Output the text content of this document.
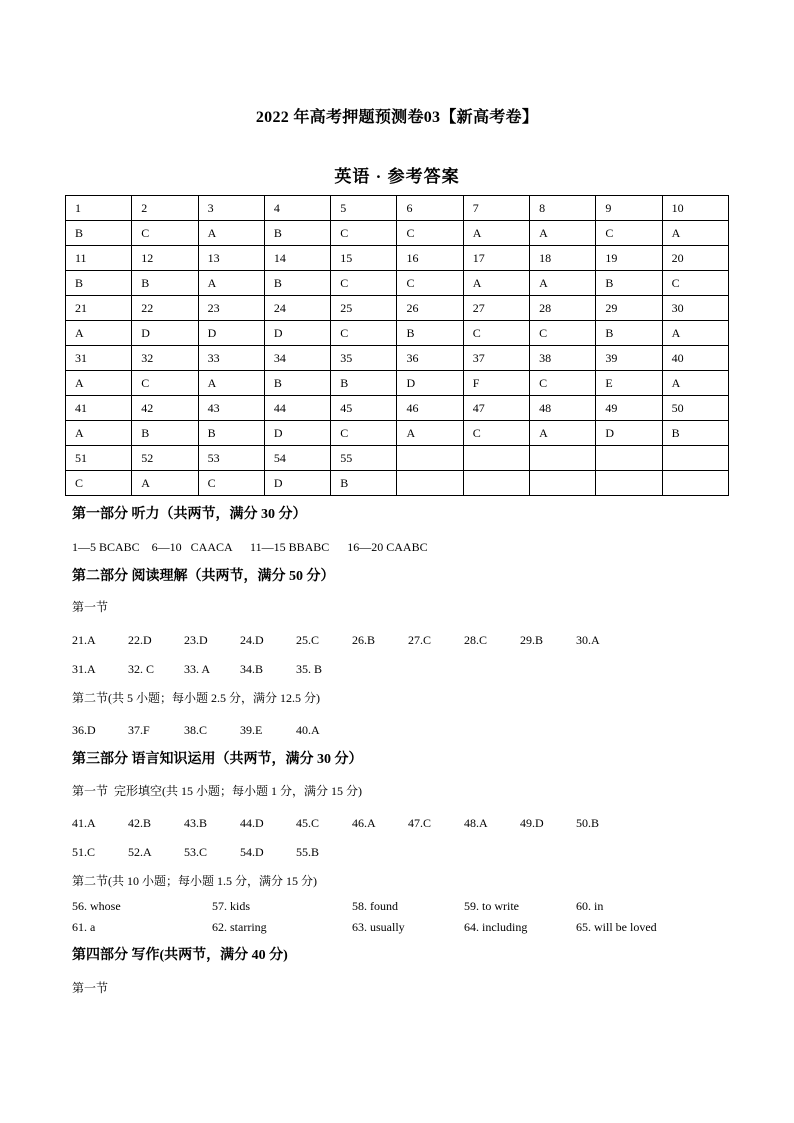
2022 年高考押题预测卷03【新高考卷】
英语 · 参考答案
1	2	3	4	5	6	7	8	9	10
B	C	A	B	C	C	A	A	C	A
11	12	13	14	15	16	17	18	19	20
B	B	A	B	C	C	A	A	B	C
21	22	23	24	25	26	27	28	29	30
A	D	D	D	C	B	C	C	B	A
31	32	33	34	35	36	37	38	39	40
A	C	A	B	B	D	F	C	E	A
41	42	43	44	45	46	47	48	49	50
A	B	B	D	C	A	C	A	D	B
51	52	53	54	55					
C	A	C	D	B					
第一部分 听力（共两节，满分 30 分）
1—5 BCABC    6—10   CAACA      11—15 BBABC      16—20 CAABC
第二部分 阅读理解（共两节，满分 50 分）
第一节
21.A	22.D	23.D	24.D	25.C	26.B	27.C	28.C	29.B	30.A
31.A	32. C	33. A	34.B	35. B
第二节(共 5 小题；每小题 2.5 分，满分 12.5 分)
36.D	37.F	38.C	39.E	40.A
第三部分 语言知识运用（共两节，满分 30 分）
第一节  完形填空(共 15 小题；每小题 1 分，满分 15 分)
41.A	42.B	43.B	44.D	45.C	46.A	47.C	48.A	49.D	50.B
51.C	52.A	53.C	54.D	55.B
第二节(共 10 小题；每小题 1.5 分，满分 15 分)
56. whose	57. kids	58. found	59. to write	60. in
61. a	62. starring	63. usually	64. including	65. will be loved
第四部分 写作(共两节，满分 40 分)
第一节
